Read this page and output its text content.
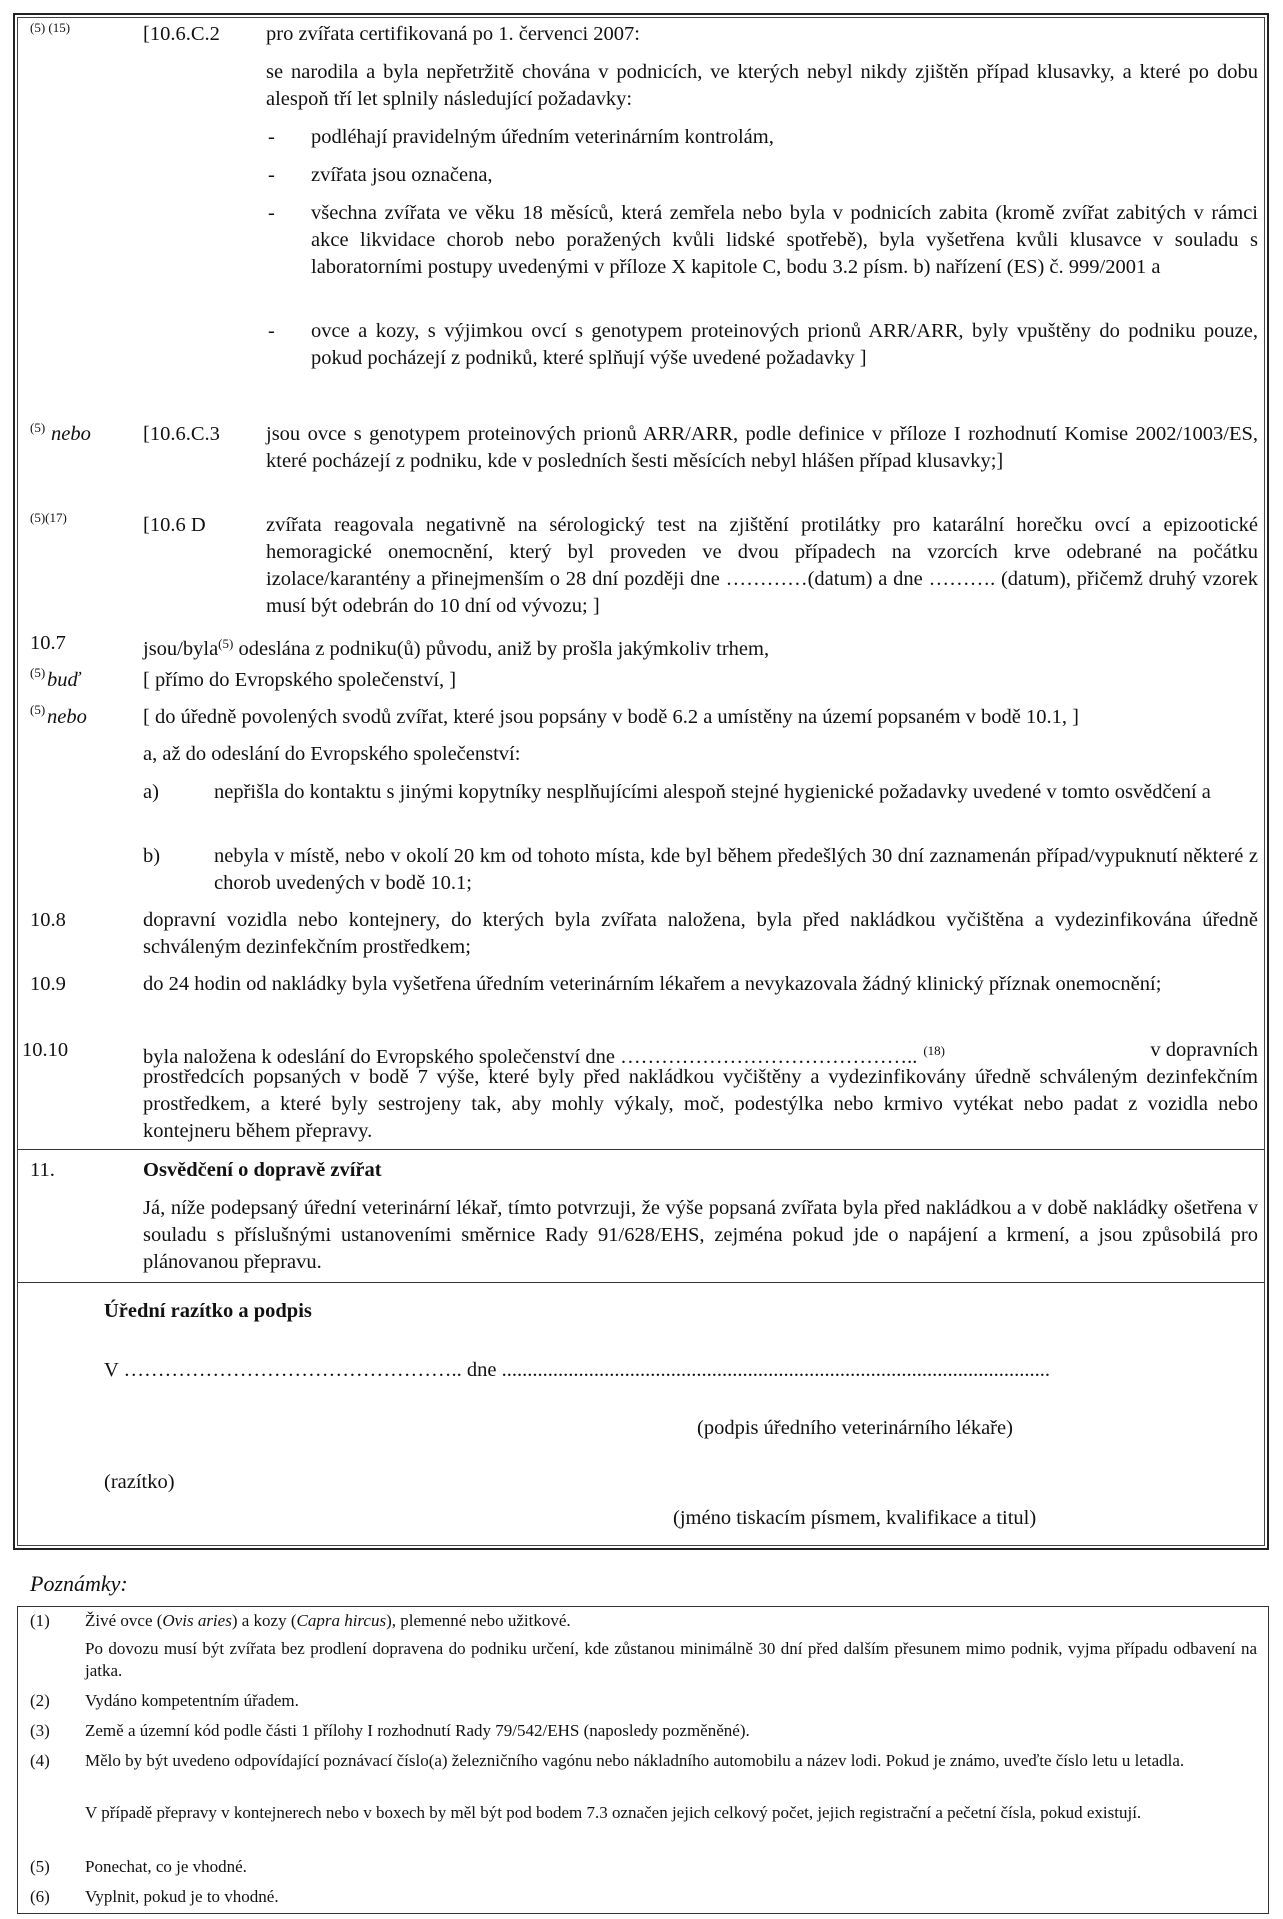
(5) (15)	[10.6.C.2 pro zvířata certifikovaná po 1. červenci 2007:
se narodila a byla nepřetržitě chována v podnicích, ve kterých nebyl nikdy zjištěn případ klusavky, a které po dobu alespoň tří let splnily následující požadavky:
- podléhají pravidelným úředním veterinárním kontrolám,
- zvířata jsou označena,
- všechna zvířata ve věku 18 měsíců, která zemřela nebo byla v podnicích zabita (kromě zvířat zabitých v rámci akce likvidace chorob nebo poražených kvůli lidské spotřebě), byla vyšetřena kvůli klusavce v souladu s laboratorními postupy uvedenými v příloze X kapitole C, bodu 3.2 písm. b) nařízení (ES) č. 999/2001 a
- ovce a kozy, s výjimkou ovcí s genotypem proteinových prionů ARR/ARR, byly vpuštěny do podniku pouze, pokud pocházejí z podniků, které splňují výše uvedené požadavky ]
(5) nebo	[10.6.C.3 jsou ovce s genotypem proteinových prionů ARR/ARR, podle definice v příloze I rozhodnutí Komise 2002/1003/ES, které pocházejí z podniku, kde v posledních šesti měsících nebyl hlášen případ klusavky;]
(5)(17)	[10.6 D	zvířata reagovala negativně na sérologický test na zjištění protilátky pro katarální horečku ovcí a epizootické hemoragické onemocnění, který byl proveden ve dvou případech na vzorcích krve odebrané na počátku izolace/karantény a přinejmenším o 28 dní později dne …………(datum) a dne ………. (datum), přičemž druhý vzorek musí být odebrán do 10 dní od vývozu; ]
10.7	jsou/byla$^{(5)}$ odeslána z podniku(ů) původu, aniž by prošla jakýmkoliv trhem,
(5) buď	[ přímo do Evropského společenství, ]
(5) nebo	[ do úředně povolených svodů zvířat, které jsou popsány v bodě 6.2 a umístěny na území popsaném v bodě 10.1, ]
a, až do odeslání do Evropského společenství:
a)	nepřišla do kontaktu s jinými kopytníky nesplňujícími alespoň stejné hygienické požadavky uvedené v tomto osvědčení a
b)	nebyla v místě, nebo v okolí 20 km od tohoto místa, kde byl během předešlých 30 dní zaznamenán případ/vypuknutí některé z chorob uvedených v bodě 10.1;
10.8	dopravní vozidla nebo kontejnery, do kterých byla zvířata naložena, byla před nakládkou vyčištěna a vydezinfikována úředně schváleným dezinfekčním prostředkem;
10.9	do 24 hodin od nakládky byla vyšetřena úředním veterinárním lékařem a nevykazovala žádný klinický příznak onemocnění;
10.10	byla naložena k odeslání do Evropského společenství dne …………………………………….. $^{(18)}$	v dopravních
prostředcích popsaných v bodě 7 výše, které byly před nakládkou vyčištěny a vydezinfikovány úředně schváleným dezinfekčním prostředkem, a které byly sestrojeny tak, aby mohly výkaly, moč, podestýlka nebo krmivo vytékat nebo padat z vozidla nebo kontejneru během přepravy.
11.	Osvědčení o dopravě zvířat
Já, níže podepsaný úřední veterinární lékař, tímto potvrzuji, že výše popsaná zvířata byla před nakládkou a v době nakládky ošetřena v souladu s příslušnými ustanoveními směrnice Rady 91/628/EHS, zejména pokud jde o napájení a krmení, a jsou způsobilá pro plánovanou přepravu.
Úřední razítko a podpis
V ………………………………………….. dne ...........................................................................................................
(podpis úředního veterinárního lékaře)
(razítko)
(jméno tiskacím písmem, kvalifikace a titul)
Poznámky:
(1) Živé ovce (Ovis aries) a kozy (Capra hircus), plemenné nebo užitkové.
Po dovozu musí být zvířata bez prodlení dopravena do podniku určení, kde zůstanou minimálně 30 dní před dalším přesunem mimo podnik, vyjma případu odbavení na jatka.
(2) Vydáno kompetentním úřadem.
(3) Země a územní kód podle části 1 přílohy I rozhodnutí Rady 79/542/EHS (naposledy pozměněné).
(4) Mělo by být uvedeno odpovídající poznávací číslo(a) železničního vagónu nebo nákladního automobilu a název lodi. Pokud je známo, uveďte číslo letu u letadla.
V případě přepravy v kontejnerech nebo v boxech by měl být pod bodem 7.3 označen jejich celkový počet, jejich registrační a pečetní čísla, pokud existují.
(5) Ponechat, co je vhodné.
(6) Vyplnit, pokud je to vhodné.
